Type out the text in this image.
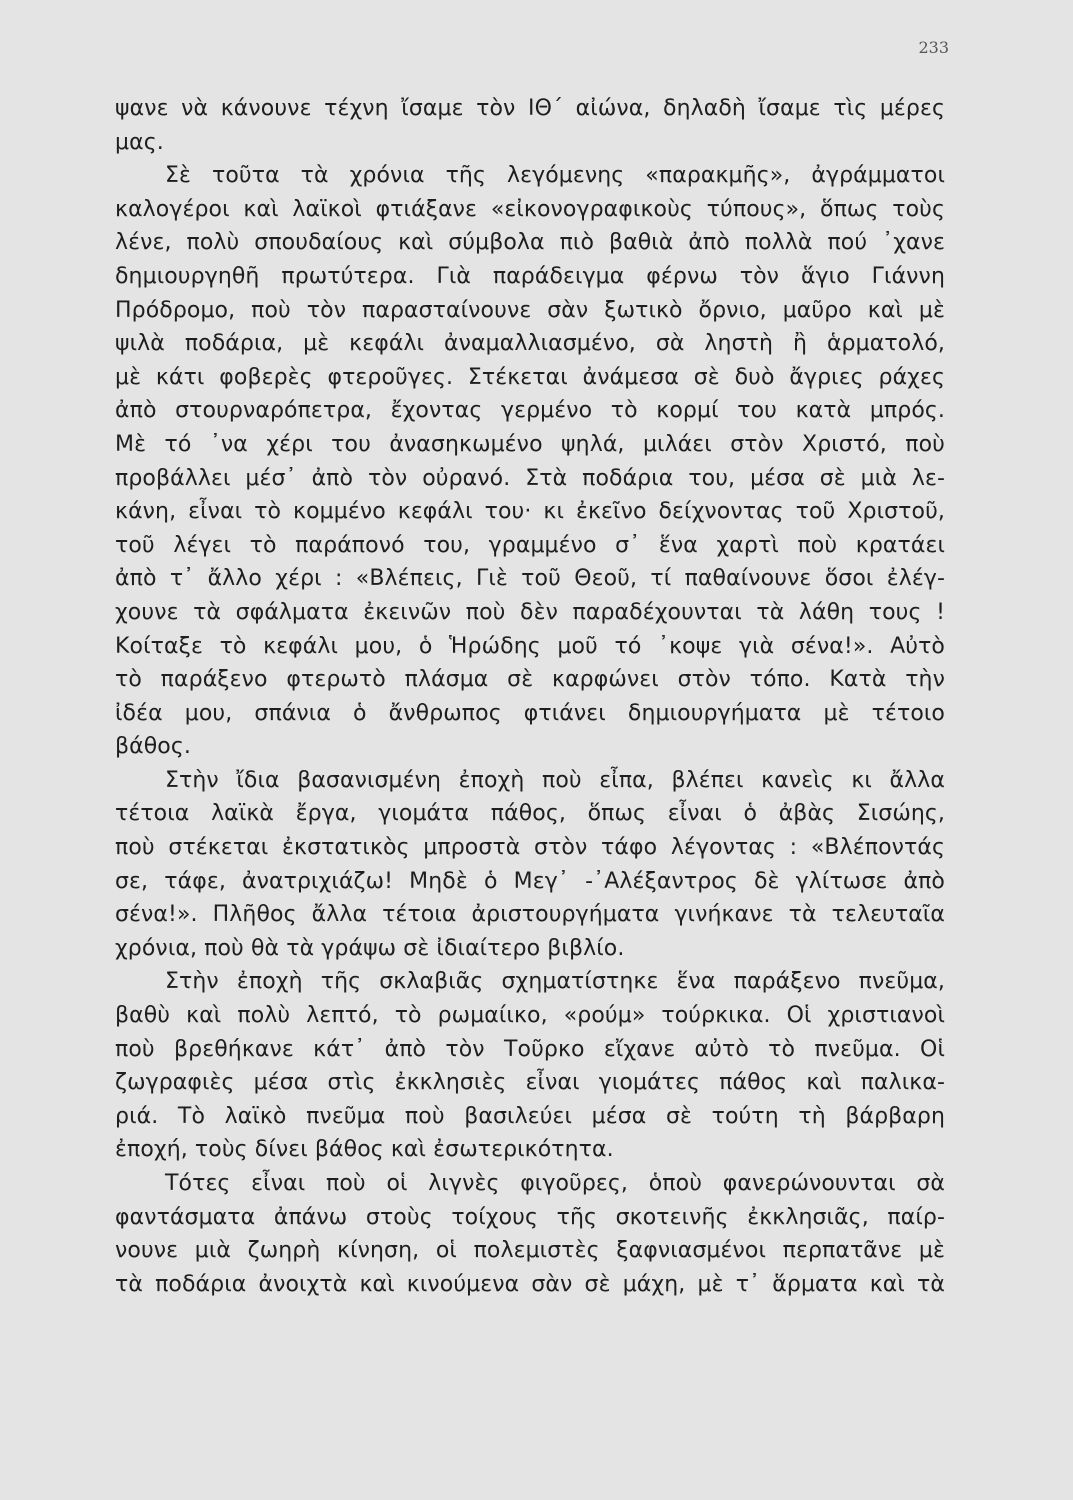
233
ψανε νὰ κάνουνε τέχνη ἴσαμε τὸν ΙΘ΄ αἰώνα, δηλαδὴ ἴσαμε τὶς μέρες
μας.
Σὲ τοῦτα τὰ χρόνια τῆς λεγόμενης «παρακμῆς», ἀγράμματοι
καλογέροι καὶ λαϊκοὶ φτιάξανε «εἰκονογραφικοὺς τύπους», ὅπως τοὺς
λένε, πολὺ σπουδαίους καὶ σύμβολα πιὸ βαθιὰ ἀπὸ πολλὰ πού ᾽χανε
δημιουργηθῆ πρωτύτερα. Γιὰ παράδειγμα φέρνω τὸν ἅγιο Γιάννη
Πρόδρομο, ποὺ τὸν παρασταίνουνε σὰν ξωτικὸ ὄρνιο, μαῦρο καὶ μὲ
ψιλὰ ποδάρια, μὲ κεφάλι ἀναμαλλιασμένο, σὰ ληστὴ ἢ ἁρματολό,
μὲ κάτι φοβερὲς φτεροῦγες. Στέκεται ἀνάμεσα σὲ δυὸ ἄγριες ράχες
ἀπὸ στουρναρόπετρα, ἔχοντας γερμένο τὸ κορμί του κατὰ μπρός.
Μὲ τό ᾽να χέρι του ἀνασηκωμένο ψηλά, μιλάει στὸν Χριστό, ποὺ
προβάλλει μέσ᾽ ἀπὸ τὸν οὐρανό. Στὰ ποδάρια του, μέσα σὲ μιὰ λε-
κάνη, εἶναι τὸ κομμένο κεφάλι του· κι ἐκεῖνο δείχνοντας τοῦ Χριστοῦ,
τοῦ λέγει τὸ παράπονό του, γραμμένο σ᾽ ἕνα χαρτὶ ποὺ κρατάει
ἀπὸ τ᾽ ἄλλο χέρι : «Βλέπεις, Γιὲ τοῦ Θεοῦ, τί παθαίνουνε ὅσοι ἐλέγ-
χουνε τὰ σφάλματα ἐκεινῶν ποὺ δὲν παραδέχουνται τὰ λάθη τους !
Κοίταξε τὸ κεφάλι μου, ὁ Ἡρώδης μοῦ τό ᾽κοψε γιὰ σένα!». Αὐτὸ
τὸ παράξενο φτερωτὸ πλάσμα σὲ καρφώνει στὸν τόπο. Κατὰ τὴν
ἰδέα μου, σπάνια ὁ ἄνθρωπος φτιάνει δημιουργήματα μὲ τέτοιο
βάθος.
Στὴν ἴδια βασανισμένη ἐποχὴ ποὺ εἶπα, βλέπει κανεὶς κι ἄλλα
τέτοια λαϊκὰ ἔργα, γιομάτα πάθος, ὅπως εἶναι ὁ ἀβὰς Σισώης,
ποὺ στέκεται ἐκστατικὸς μπροστὰ στὸν τάφο λέγοντας : «Βλέποντάς
σε, τάφε, ἀνατριχιάζω! Μηδὲ ὁ Μεγ᾽ -᾽Αλέξαντρος δὲ γλίτωσε ἀπὸ
σένα!». Πλῆθος ἄλλα τέτοια ἀριστουργήματα γινήκανε τὰ τελευταῖα
χρόνια, ποὺ θὰ τὰ γράψω σὲ ἰδιαίτερο βιβλίο.
Στὴν ἐποχὴ τῆς σκλαβιᾶς σχηματίστηκε ἕνα παράξενο πνεῦμα,
βαθὺ καὶ πολὺ λεπτό, τὸ ρωμαίικο, «ρούμ» τούρκικα. Οἱ χριστιανοὶ
ποὺ βρεθήκανε κάτ᾽ ἀπὸ τὸν Τοῦρκο εἴχανε αὐτὸ τὸ πνεῦμα. Οἱ
ζωγραφιὲς μέσα στὶς ἐκκλησιὲς εἶναι γιομάτες πάθος καὶ παλικα-
ριά. Τὸ λαϊκὸ πνεῦμα ποὺ βασιλεύει μέσα σὲ τούτη τὴ βάρβαρη
ἐποχή, τοὺς δίνει βάθος καὶ ἐσωτερικότητα.
Τότες εἶναι ποὺ οἱ λιγνὲς φιγοῦρες, ὁποὺ φανερώνουνται σὰ
φαντάσματα ἀπάνω στοὺς τοίχους τῆς σκοτεινῆς ἐκκλησιᾶς, παίρ-
νουνε μιὰ ζωηρὴ κίνηση, οἱ πολεμιστὲς ξαφνιασμένοι περπατᾶνε μὲ
τὰ ποδάρια ἀνοιχτὰ καὶ κινούμενα σὰν σὲ μάχη, μὲ τ᾽ ἅρματα καὶ τὰ
